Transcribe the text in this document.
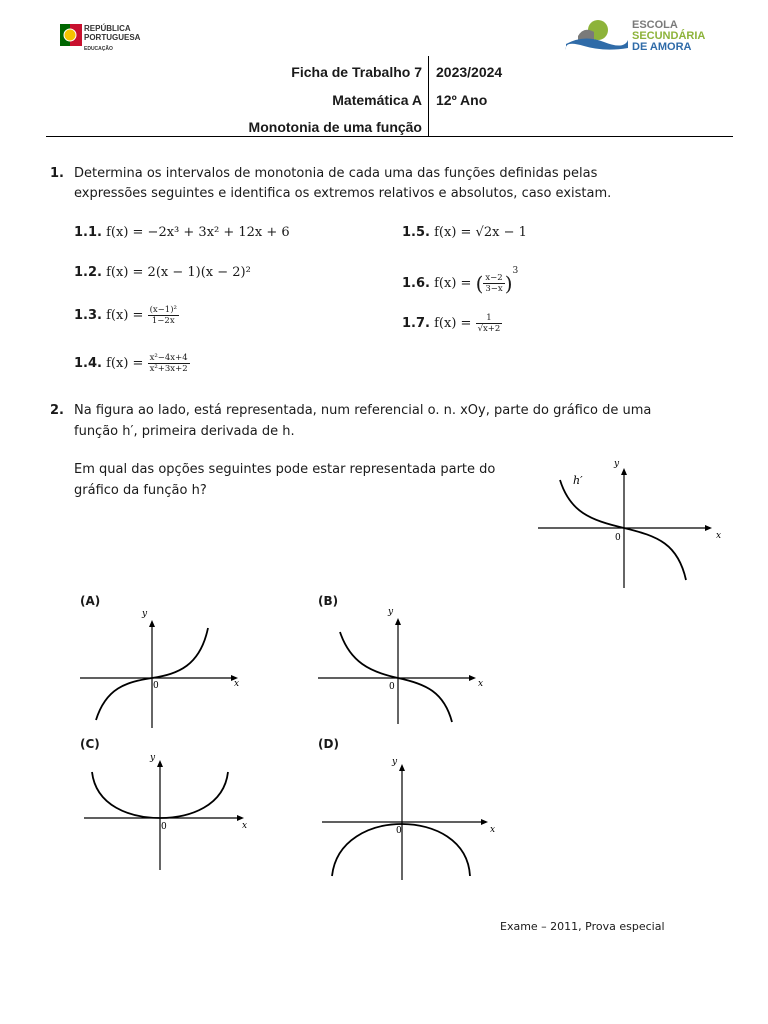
REPÚBLICA
PORTUGUESA
EDUCAÇÃO
ESCOLA
SECUNDÁRIA
DE AMORA
Ficha de Trabalho 7
Matemática A
Monotonia de uma função
2023/2024
12º Ano
1. Determina os intervalos de monotonia de cada uma das funções definidas pelas
expressões seguintes e identifica os extremos relativos e absolutos, caso existam.
1.1. f(x) = −2x³ + 3x² + 12x + 6
1.2. f(x) = 2(x − 1)(x − 2)²
1.3. $f(x) = \frac{\text{(x−1)²}}{1-2x}$
1.4. $f(x) = \frac{\text{x²−4x+4}}{\text{x²+3x+2}}$
1.5. f(x) = √2x − 1
1.6. f(x) = ( $\frac{x-2}{3-x} )^3$
1.7. $f(x) = \frac{1}{√x+2}$
2. Na figura ao lado, está representada, num referencial o. n. xOy, parte do gráfico de uma
função h′, primeira derivada de h.
Em qual das opções seguintes pode estar representada parte do
gráfico da função h?
h′
y
x
0
(A)
y
x
0
(B)
y
x
0
(C)
y
x
0
(D)
y
x
0
Exame – 2011, Prova especial
